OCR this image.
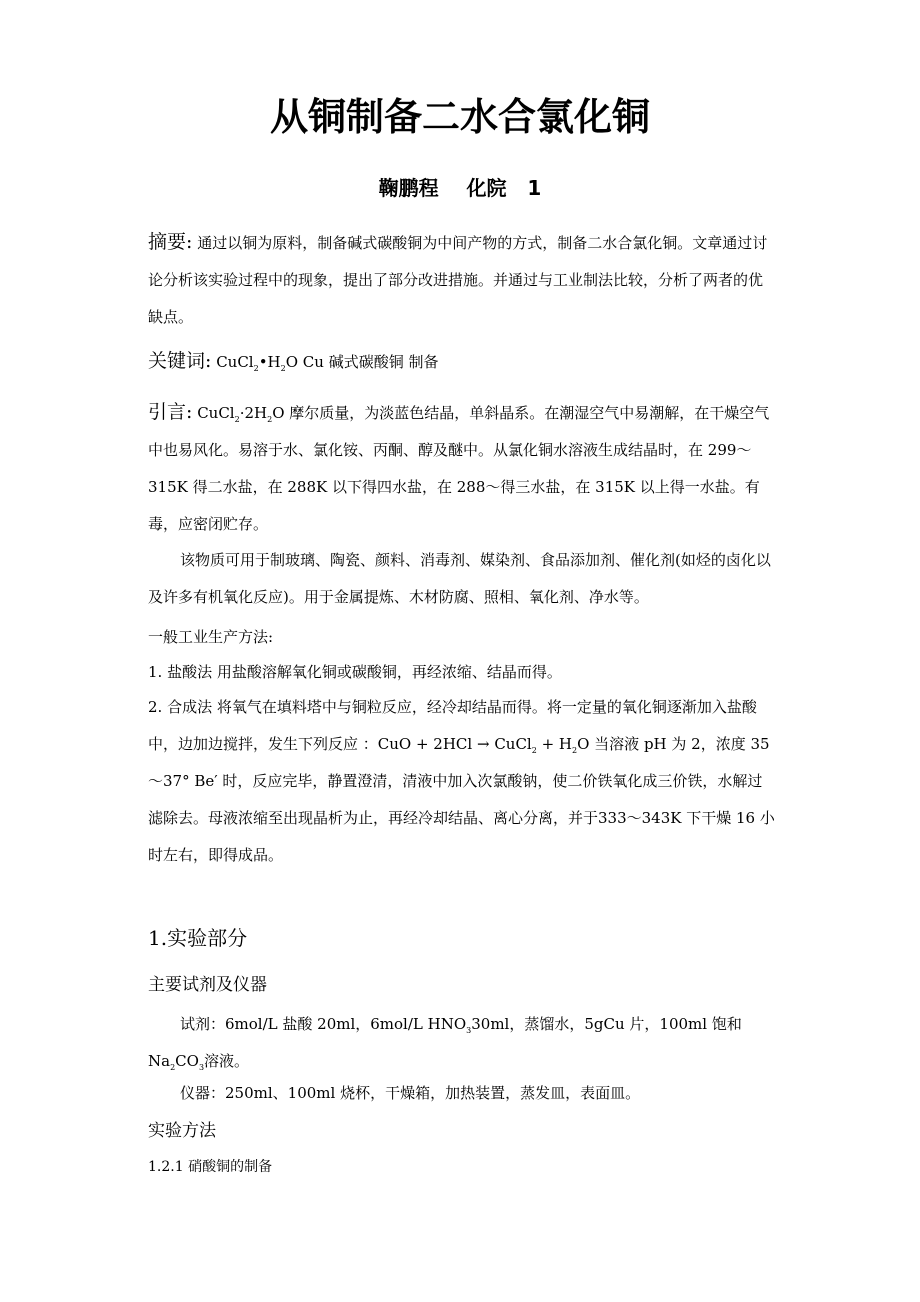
从铜制备二水合氯化铜
鞠鹏程    化院   1
摘要: 通过以铜为原料，制备碱式碳酸铜为中间产物的方式，制备二水合氯化铜。文章通过讨论分析该实验过程中的现象，提出了部分改进措施。并通过与工业制法比较，分析了两者的优缺点。
关键词: $CuCl_2•H_2O$ Cu 碱式碳酸铜 制备
引言: $CuCl_2\cdot 2H_2O$ 摩尔质量，为淡蓝色结晶，单斜晶系。在潮湿空气中易潮解，在干燥空气中也易风化。易溶于水、氯化铵、丙酮、醇及醚中。从氯化铜水溶液生成结晶时，在 299～315K 得二水盐，在 288K 以下得四水盐，在 288～得三水盐，在 315K 以上得一水盐。有毒，应密闭贮存。
该物质可用于制玻璃、陶瓷、颜料、消毒剂、媒染剂、食品添加剂、催化剂(如烃的卤化以及许多有机氧化反应)。用于金属提炼、木材防腐、照相、氧化剂、净水等。
一般工业生产方法:
1. 盐酸法 用盐酸溶解氧化铜或碳酸铜，再经浓缩、结晶而得。
2. 合成法 将氧气在填料塔中与铜粒反应，经冷却结晶而得。将一定量的氧化铜逐渐加入盐酸中，边加边搅拌，发生下列反应 ：CuO + 2HCl → CuCl$_2$ + $H_2O$ 当溶液 pH 为 2，浓度 35～37° Be′ 时，反应完毕，静置澄清，清液中加入次氯酸钠，使二价铁氧化成三价铁，水解过滤除去。母液浓缩至出现晶析为止，再经冷却结晶、离心分离，并于333～343K 下干燥 16 小时左右，即得成品。
1.实验部分
主要试剂及仪器
试剂：6mol/L 盐酸 20ml，6mol/L $HNO_330ml$，蒸馏水，5gCu 片，100ml 饱和 $Na_2CO_3$溶液。
仪器：250ml、100ml 烧杯，干燥箱，加热装置，蒸发皿，表面皿。
实验方法
1.2.1 硝酸铜的制备
